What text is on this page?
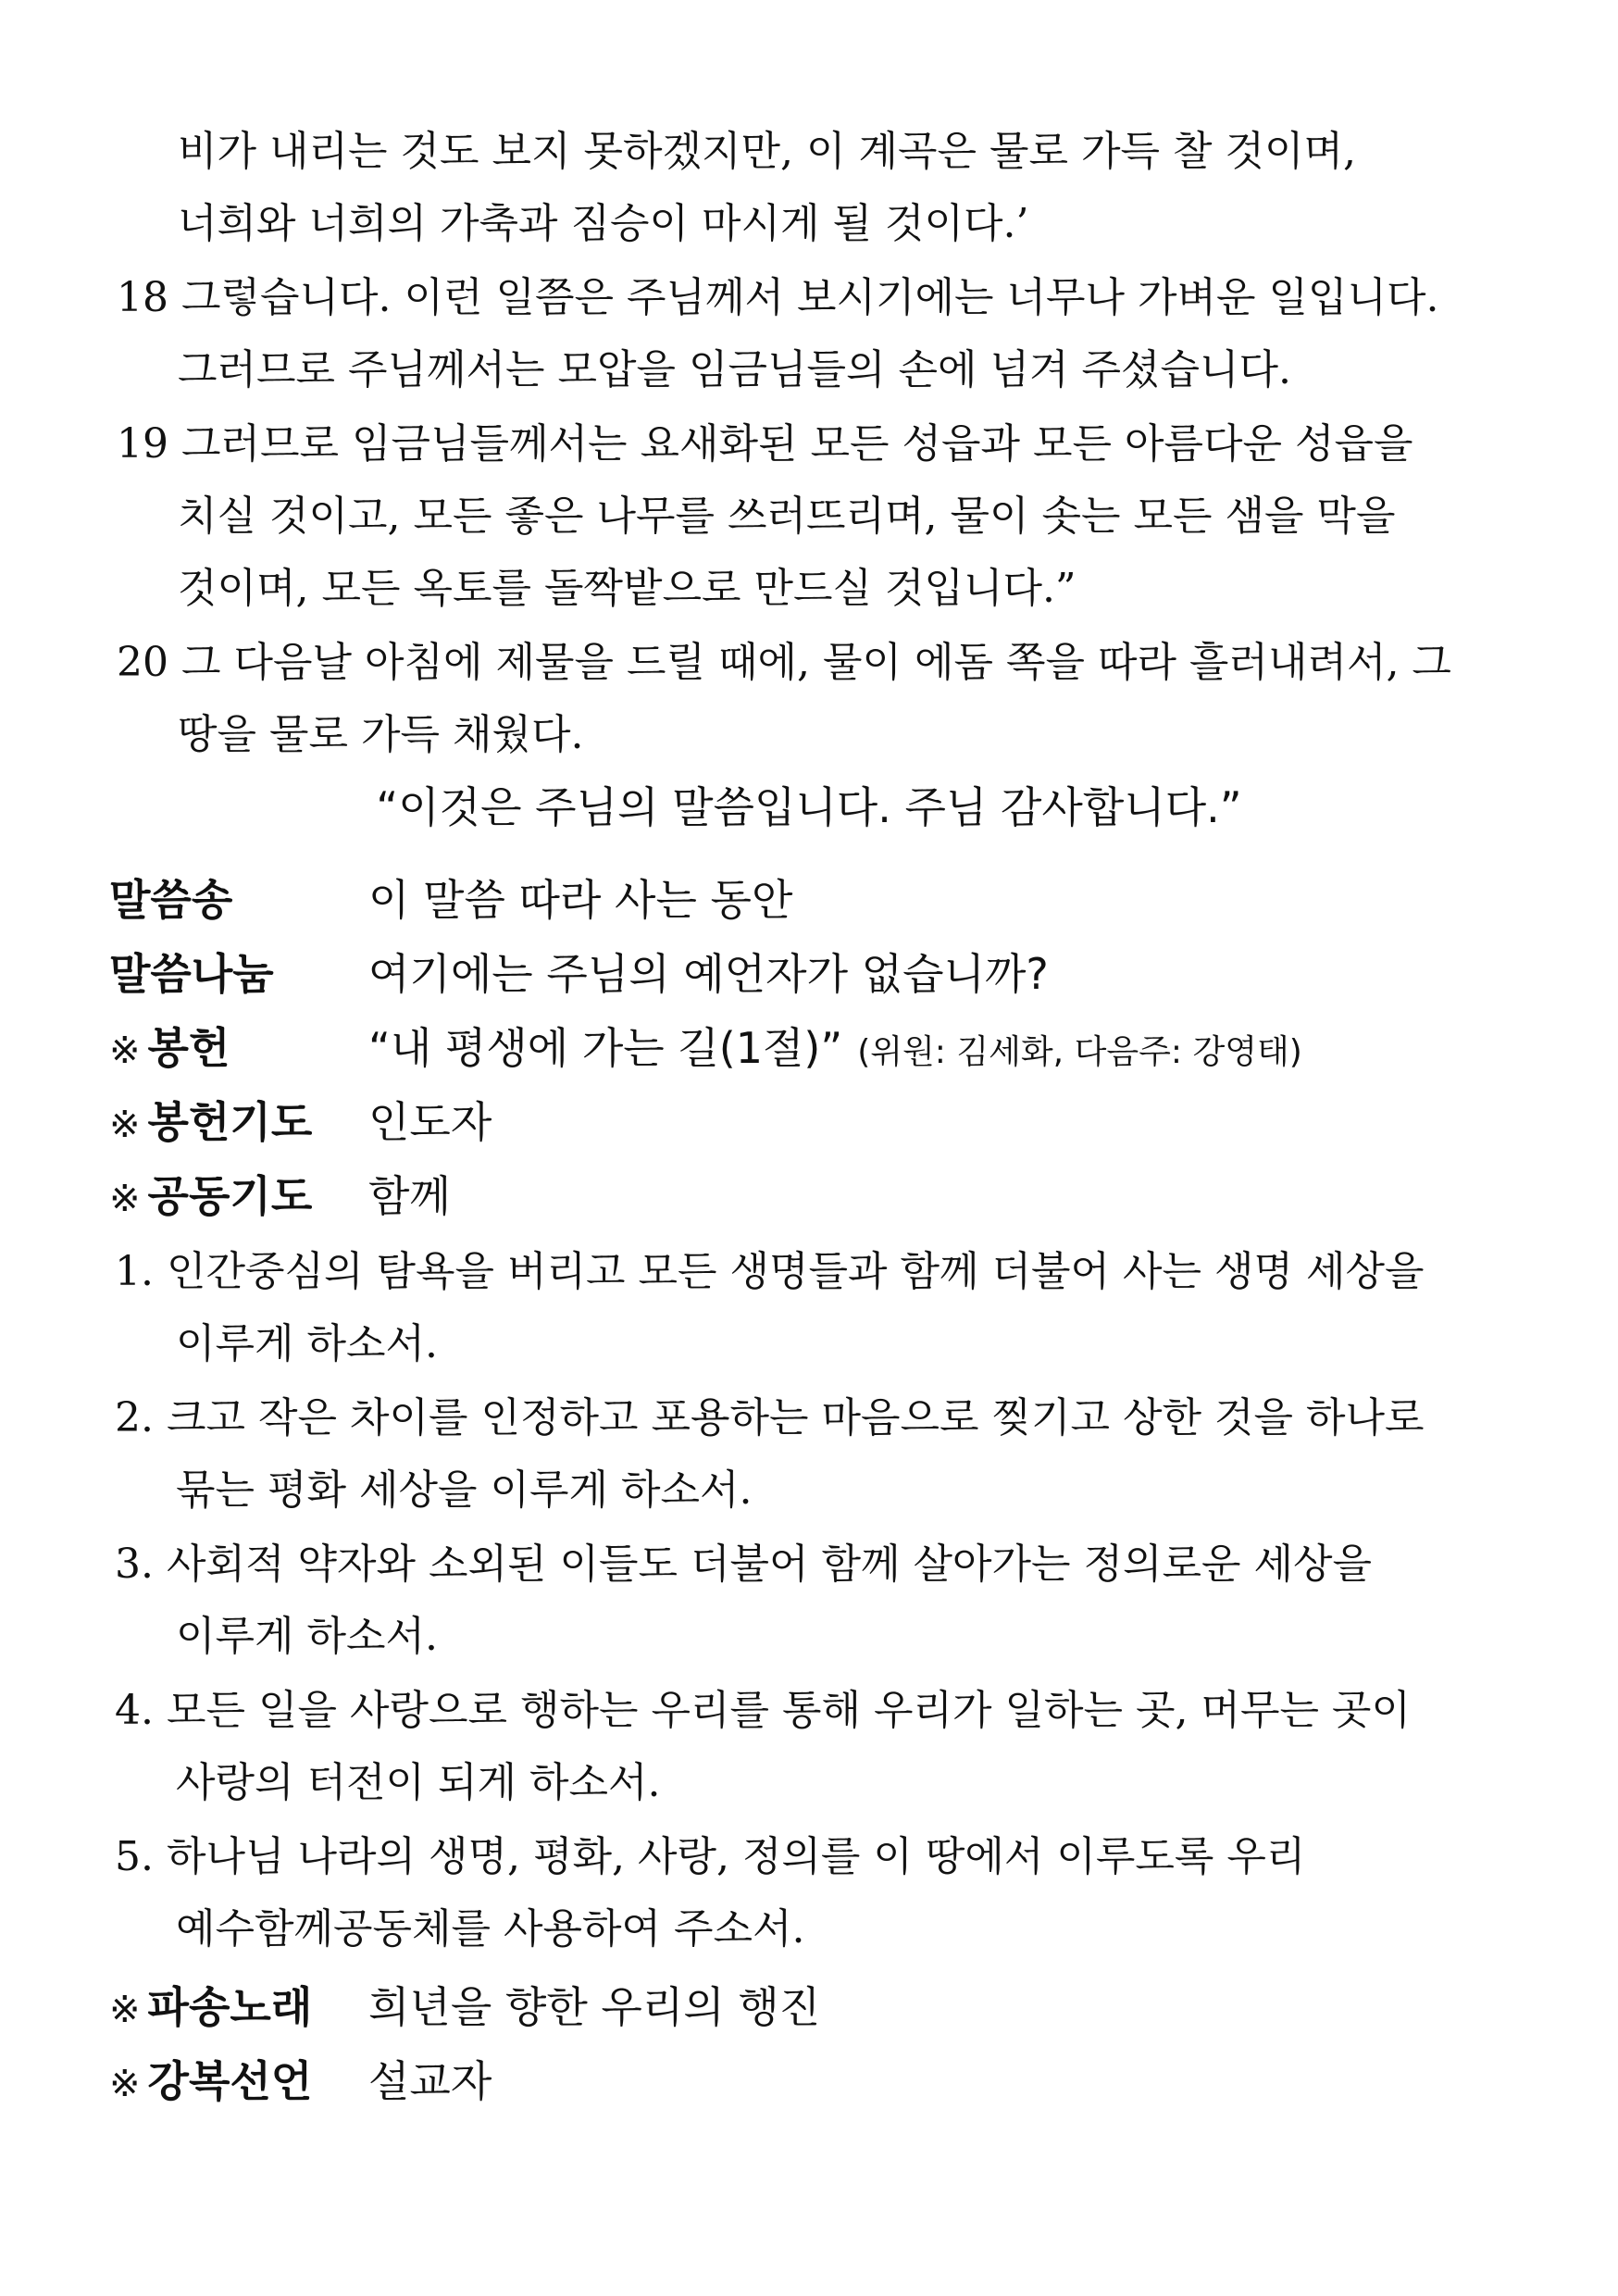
비가 내리는 것도 보지 못하겠지만, 이 계곡은 물로 가득 찰 것이며,
너희와 너희의 가축과 짐승이 마시게 될 것이다.’
18 그렇습니다. 이런 일쯤은 주님께서 보시기에는 너무나 가벼운 일입니다.
그러므로 주님께서는 모압을 임금님들의 손에 넘겨 주셨습니다.
19 그러므로 임금님들께서는 요새화된 모든 성읍과 모든 아름다운 성읍을
치실 것이고, 모든 좋은 나무를 쓰러뜨리며, 물이 솟는 모든 샘을 막을
것이며, 모든 옥토를 돌짝밭으로 만드실 것입니다.”
20 그 다음날 아침에 제물을 드릴 때에, 물이 에돔 쪽을 따라 흘러내려서, 그
땅을 물로 가득 채웠다.
“이것은 주님의 말씀입니다. 주님 감사합니다.”
말씀송	이 말씀 따라 사는 동안
말씀나눔 여기에는 주님의 예언자가 없습니까?
※ 봉헌	“내 평생에 가는 길(1절)” (위원: 김세화, 다음주: 강영태)
※ 봉헌기도 인도자
※ 공동기도 함께
1. 인간중심의 탐욕을 버리고 모든 생명들과 함께 더불어 사는 생명 세상을
이루게 하소서.
2. 크고 작은 차이를 인정하고 포용하는 마음으로 찢기고 상한 것을 하나로
묶는 평화 세상을 이루게 하소서.
3. 사회적 약자와 소외된 이들도 더불어 함께 살아가는 정의로운 세상을
이루게 하소서.
4. 모든 일을 사랑으로 행하는 우리를 통해 우리가 일하는 곳, 머무는 곳이
사랑의 터전이 되게 하소서.
5. 하나님 나라의 생명, 평화, 사랑, 정의를 이 땅에서 이루도록 우리
예수함께공동체를 사용하여 주소서.
※ 파송노래 희년을 향한 우리의 행진
※ 강복선언 설교자
